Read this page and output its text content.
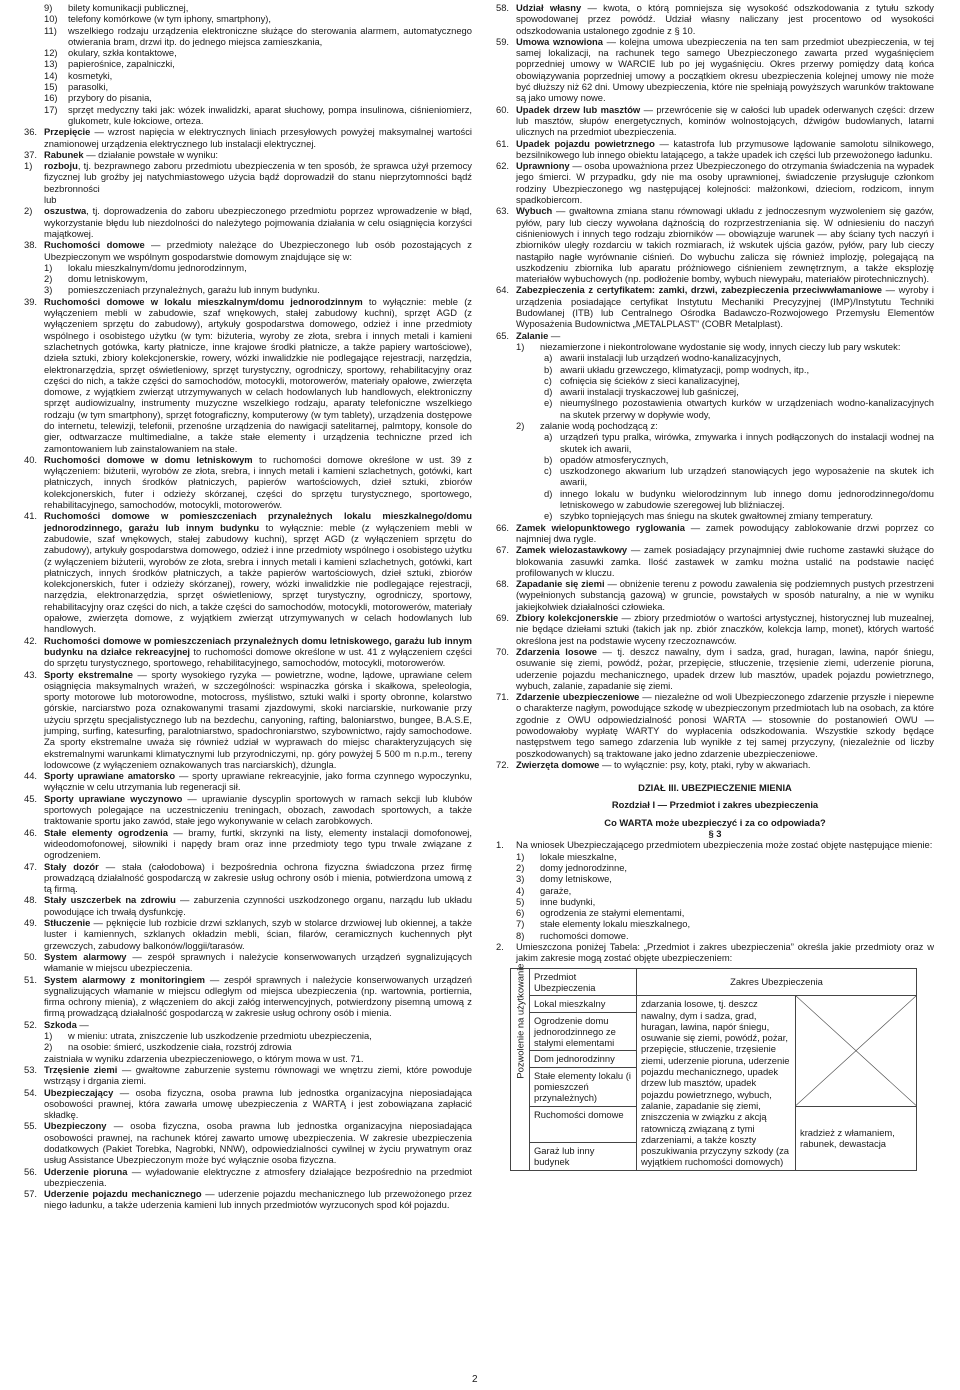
9) bilety komunikacji publicznej,

10) telefony komórkowe (w tym iphony, smartphony),

11) wszelkiego rodzaju urządzenia elektroniczne służące do sterowania alarmem, automatycznego otwierania bram, drzwi itp. do jednego miejsca zamieszkania,

12) okulary, szkła kontaktowe,

13) papierośnice, zapalniczki,

14) kosmetyki,

15) parasolki,

16) przybory do pisania,

17) sprzęt medyczny taki jak: wózek inwalidzki, aparat słuchowy, pompa insulinowa, ciśnieniomierz, glukometr, kule łokciowe, orteza.

36. Przepięcie — wzrost napięcia w elektrycznych liniach przesyłowych powyżej maksymalnej wartości znamionowej urządzenia elektrycznego lub instalacji elektrycznej.

37. Rabunek — działanie powstałe w wyniku:

1) rozboju, tj. bezprawnego zaboru przedmiotu ubezpieczenia w ten sposób, że sprawca użył przemocy fizycznej lub groźby jej natychmiastowego użycia bądź doprowadził do stanu nieprzytomności bądź bezbronności

lub

2) oszustwa, tj. doprowadzenia do zaboru ubezpieczonego przedmiotu poprzez wprowadzenie w błąd, wykorzystanie błędu lub niezdolności do należytego pojmowania działania w celu osiągnięcia korzyści majątkowej.

38. Ruchomości domowe — przedmioty należące do Ubezpieczonego lub osób pozostających z Ubezpieczonym we wspólnym gospodarstwie domowym znajdujące się w:

1) lokalu mieszkalnym/domu jednorodzinnym,

2) domu letniskowym,

3) pomieszczeniach przynależnych, garażu lub innym budynku.

39. Ruchomości domowe w lokalu mieszkalnym/domu jednorodzinnym to wyłącznie: meble (z wyłączeniem mebli w zabudowie, szaf wnękowych, stałej zabudowy kuchni), sprzęt AGD (z wyłączeniem sprzętu do zabudowy), artykuły gospodarstwa domowego, odzież i inne przedmioty wspólnego i osobistego użytku (w tym: biżuteria, wyroby ze złota, srebra i innych metali i kamieni szlachetnych gotówka, karty płatnicze, inne krajowe środki płatnicze, a także papiery wartościowe), dzieła sztuki, zbiory kolekcjonerskie, rowery, wózki inwalidzkie nie podlegające rejestracji, narzędzia, elektronarzędzia, sprzęt oświetleniowy, sprzęt turystyczny, ogrodniczy, sportowy, rehabilitacyjny oraz części do nich, a także części do samochodów, motocykli, motorowerów, materiały opałowe, zwierzęta domowe, z wyjątkiem zwierząt utrzymywanych w celach hodowlanych lub handlowych, elektroniczny sprzęt audiowizualny, instrumenty muzyczne wszelkiego rodzaju, aparaty telefoniczne wszelkiego rodzaju (w tym smartphony), sprzęt fotograficzny, komputerowy (w tym tablety), urządzenia dostępowe do internetu, telewizji, telefonii, przenośne urządzenia do nawigacji satelitarnej, palmtopy, konsole do gier, odtwarzacze multimedialne, a także stałe elementy i urządzenia techniczne przed ich zamontowaniem lub zainstalowaniem na stałe.

40. Ruchomości domowe w domu letniskowym to ruchomości domowe określone w ust. 39 z wyłączeniem: biżuterii, wyrobów ze złota, srebra, i innych metali i kamieni szlachetnych, gotówki, kart płatniczych, innych środków płatniczych, papierów wartościowych, dzieł sztuki, zbiorów kolekcjonerskich, futer i odzieży skórzanej, części do sprzętu turystycznego, sportowego, rehabilitacyjnego, samochodów, motocykli, motorowerów.

41. Ruchomości domowe w pomieszczeniach przynależnych lokalu mieszkalnego/domu jednorodzinnego, garażu lub innym budynku to wyłącznie: meble (z wyłączeniem mebli w zabudowie, szaf wnękowych, stałej zabudowy kuchni), sprzęt AGD (z wyłączeniem sprzętu do zabudowy), artykuły gospodarstwa domowego, odzież i inne przedmioty wspólnego i osobistego użytku (z wyłączeniem biżuterii, wyrobów ze złota, srebra i innych metali i kamieni szlachetnych, gotówki, kart płatniczych, innych środków płatniczych, a także papierów wartościowych, dzieł sztuki, zbiorów kolekcjonerskich, futer i odzieży skórzanej), rowery, wózki inwalidzkie nie podlegające rejestracji, narzędzia, elektronarzędzia, sprzęt oświetleniowy, sprzęt turystyczny, ogrodniczy, sportowy, rehabilitacyjny oraz części do nich, a także części do samochodów, motocykli, motorowerów, materiały opałowe, zwierzęta domowe, z wyjątkiem zwierząt utrzymywanych w celach hodowlanych lub handlowych.

42. Ruchomości domowe w pomieszczeniach przynależnych domu letniskowego, garażu lub innym budynku na działce rekreacyjnej to ruchomości domowe określone w ust. 41 z wyłączeniem części do sprzętu turystycznego, sportowego, rehabilitacyjnego, samochodów, motocykli, motorowerów.

43. Sporty ekstremalne — sporty wysokiego ryzyka — powietrzne, wodne, lądowe, uprawiane celem osiągnięcia maksymalnych wrażeń, w szczególności: wspinaczka górska i skałkowa, speleologia, sporty motorowe lub motorowodne, motocross, myślistwo, sztuki walki i sporty obronne, kolarstwo górskie, narciarstwo poza oznakowanymi trasami zjazdowymi, skoki narciarskie, nurkowanie przy użyciu sprzętu specjalistycznego lub na bezdechu, canyoning, rafting, baloniarstwo, bungee, B.A.S.E, jumping, surfing, katesurfing, paralotniarstwo, spadochroniarstwo, szybownictwo, rajdy samochodowe. Za sporty ekstremalne uważa się również udział w wyprawach do miejsc charakteryzujących się ekstremalnymi warunkami klimatycznymi lub przyrodniczymi, np. góry powyżej 5 500 m n.p.m., tereny lodowcowe (z wyłączeniem oznakowanych tras narciarskich), dżungla.

44. Sporty uprawiane amatorsko — sporty uprawiane rekreacyjnie, jako forma czynnego wypoczynku, wyłącznie w celu utrzymania lub regeneracji sił.

45. Sporty uprawiane wyczynowo — uprawianie dyscyplin sportowych w ramach sekcji lub klubów sportowych polegające na uczestniczeniu treningach, obozach, zawodach sportowych, a także traktowanie sportu jako zawód, stałe jego wykonywanie w celach zarobkowych.

46. Stałe elementy ogrodzenia — bramy, furtki, skrzynki na listy, elementy instalacji domofonowej, wideodomofonowej, siłowniki i napędy bram oraz inne przedmioty tego typu trwale związane z ogrodzeniem.

47. Stały dozór — stała (całodobowa) i bezpośrednia ochrona fizyczna świadczona przez firmę prowadzącą działalność gospodarczą w zakresie usług ochrony osób i mienia, potwierdzona umową z tą firmą.

48. Stały uszczerbek na zdrowiu — zaburzenia czynności uszkodzonego organu, narządu lub układu powodujące ich trwałą dysfunkcję.

49. Stłuczenie — pęknięcie lub rozbicie drzwi szklanych, szyb w stolarce drzwiowej lub okiennej, a także luster i kamiennych, szklanych okładzin mebli, ścian, filarów, ceramicznych kuchennych płyt grzewczych, zabudowy balkonów/loggii/tarasów.

50. System alarmowy — zespół sprawnych i należycie konserwowanych urządzeń sygnalizujących włamanie w miejscu ubezpieczenia.

51. System alarmowy z monitoringiem — zespół sprawnych i należycie konserwowanych urządzeń sygnalizujących włamanie w miejscu odległym od miejsca ubezpieczenia (np. wartownia, portiernia, firma ochrony mienia), z włączeniem do akcji załóg interwencyjnych, potwierdzony pisemną umową z firmą prowadzącą działalność gospodarczą w zakresie usług ochrony osób i mienia.

52. Szkoda —

1) w mieniu: utrata, zniszczenie lub uszkodzenie przedmiotu ubezpieczenia,

2) na osobie: śmierć, uszkodzenie ciała, rozstrój zdrowia

zaistniała w wyniku zdarzenia ubezpieczeniowego, o którym mowa w ust. 71.

53. Trzęsienie ziemi — gwałtowne zaburzenie systemu równowagi we wnętrzu ziemi, które powoduje wstrząsy i drgania ziemi.

54. Ubezpieczający — osoba fizyczna, osoba prawna lub jednostka organizacyjna nieposiadająca osobowości prawnej, która zawarła umowę ubezpieczenia z WARTĄ i jest zobowiązana zapłacić składkę.

55. Ubezpieczony — osoba fizyczna, osoba prawna lub jednostka organizacyjna nieposiadająca osobowości prawnej, na rachunek której zawarto umowę ubezpieczenia. W zakresie ubezpieczenia dodatkowych (Pakiet Torebka, Nagrobki, NNW), odpowiedzialności cywilnej w życiu prywatnym oraz usług Assistance Ubezpieczonym może być wyłącznie osoba fizyczna.

56. Uderzenie pioruna — wyładowanie elektryczne z atmosfery działające bezpośrednio na przedmiot ubezpieczenia.

57. Uderzenie pojazdu mechanicznego — uderzenie pojazdu mechanicznego lub przewożonego przez niego ładunku, a także uderzenia kamieni lub innych przedmiotów wyrzuconych spod kół pojazdu.

58. Udział własny — kwota, o którą pomniejsza się wysokość odszkodowania z tytułu szkody spowodowanej przez powódź. Udział własny naliczany jest procentowo od wysokości odszkodowania ustalonego zgodnie z § 10.

59. Umowa wznowiona — kolejna umowa ubezpieczenia na ten sam przedmiot ubezpieczenia, w tej samej lokalizacji, na rachunek tego samego Ubezpieczonego zawarta przed wygaśnięciem poprzedniej umowy w WARCIE lub po jej wygaśnięciu. Okres przerwy pomiędzy datą końca obowiązywania poprzedniej umowy a początkiem okresu ubezpieczenia kolejnej umowy nie może być dłuższy niż 62 dni. Umowy ubezpieczenia, które nie spełniają powyższych warunków traktowane są jako umowy nowe.

60. Upadek drzew lub masztów — przewrócenie się w całości lub upadek oderwanych części: drzew lub masztów, słupów energetycznych, kominów wolnostojących, dźwigów budowlanych, latarni ulicznych na przedmiot ubezpieczenia.

61. Upadek pojazdu powietrznego — katastrofa lub przymusowe lądowanie samolotu silnikowego, bezsilnikowego lub innego obiektu latającego, a także upadek ich części lub przewożonego ładunku.

62. Uprawniony — osoba upoważniona przez Ubezpieczonego do otrzymania świadczenia na wypadek jego śmierci. W przypadku, gdy nie ma osoby uprawnionej, świadczenie przysługuje członkom rodziny Ubezpieczonego wg następującej kolejności: małżonkowi, dzieciom, rodzicom, innym spadkobiercom.

63. Wybuch — gwałtowna zmiana stanu równowagi układu z jednoczesnym wyzwoleniem się gazów, pyłów, pary lub cieczy wywołana dążnością do rozprzestrzeniania się. W odniesieniu do naczyń ciśnieniowych i innych tego rodzaju zbiorników — obowiązuje warunek — aby ściany tych naczyń i zbiorników uległy rozdarciu w takich rozmiarach, iż wskutek ujścia gazów, pyłów, pary lub cieczy nastąpiło nagłe wyrównanie ciśnień. Do wybuchu zalicza się również implozję, polegającą na uszkodzeniu zbiornika lub aparatu próżniowego ciśnieniem zewnętrznym, a także eksplozję materiałów wybuchowych (np. podłożenie bomby, wybuch niewypału, materiałów pirotechnicznych).

64. Zabezpieczenia z certyfikatem: zamki, drzwi, zabezpieczenia przeciwwłamaniowe — wyroby i urządzenia posiadające certyfikat Instytutu Mechaniki Precyzyjnej (IMP)/Instytutu Techniki Budowlanej (ITB) lub Centralnego Ośrodka Badawczo-Rozwojowego Przemysłu Elementów Wyposażenia Budownictwa „METALPLAST” (COBR Metalplast).

65. Zalanie —

1) niezamierzone i niekontrolowane wydostanie się wody, innych cieczy lub pary wskutek:

a) awarii instalacji lub urządzeń wodno-kanalizacyjnych,

b) awarii układu grzewczego, klimatyzacji, pomp wodnych, itp.,

c) cofnięcia się ścieków z sieci kanalizacyjnej,

d) awarii instalacji tryskaczowej lub gaśniczej,

e) nieumyślnego pozostawienia otwartych kurków w urządzeniach wodno-kanalizacyjnych na skutek przerwy w dopływie wody,

2) zalanie wodą pochodzącą z:

a) urządzeń typu pralka, wirówka, zmywarka i innych podłączonych do instalacji wodnej na skutek ich awarii,

b) opadów atmosferycznych,

c) uszkodzonego akwarium lub urządzeń stanowiących jego wyposażenie na skutek ich awarii,

d) innego lokalu w budynku wielorodzinnym lub innego domu jednorodzinnego/domu letniskowego w zabudowie szeregowej lub bliźniaczej.

e) szybko topniejących mas śniegu na skutek gwałtownej zmiany temperatury.

66. Zamek wielopunktowego ryglowania — zamek powodujący zablokowanie drzwi poprzez co najmniej dwa rygle.

67. Zamek wielozastawkowy — zamek posiadający przynajmniej dwie ruchome zastawki służące do blokowania zasuwki zamka. Ilość zastawek w zamku można ustalić na podstawie nacięć profilowanych w kluczu.

68. Zapadanie się ziemi — obniżenie terenu z powodu zawalenia się podziemnych pustych przestrzeni (wypełnionych substancją gazową) w gruncie, powstałych w sposób naturalny, a nie w wyniku jakiejkolwiek działalności człowieka.

69. Zbiory kolekcjonerskie — zbiory przedmiotów o wartości artystycznej, historycznej lub muzealnej, nie będące dziełami sztuki (takich jak np. zbiór znaczków, kolekcja lamp, monet), których wartość określona jest na podstawie wyceny rzeczoznawców.

70. Zdarzenia losowe — tj. deszcz nawalny, dym i sadza, grad, huragan, lawina, napór śniegu, osuwanie się ziemi, powódź, pożar, przepięcie, stłuczenie, trzęsienie ziemi, uderzenie pioruna, uderzenie pojazdu mechanicznego, upadek drzew lub masztów, upadek pojazdu powietrznego, wybuch, zalanie, zapadanie się ziemi.

71. Zdarzenie ubezpieczeniowe — niezależne od woli Ubezpieczonego zdarzenie przyszłe i niepewne o charakterze nagłym, powodujące szkodę w ubezpieczonym przedmiotach lub na osobach, za które zgodnie z OWU odpowiedzialność ponosi WARTA — stosownie do postanowień OWU — powodowałoby wypłatę WARTY do wypłacenia odszkodowania. Wszystkie szkody będące następstwem tego samego zdarzenia lub wynikłe z tej samej przyczyny, (niezależnie od liczby poszkodowanych) są traktowane jako jedno zdarzenie ubezpieczeniowe.

72. Zwierzęta domowe — to wyłącznie: psy, koty, ptaki, ryby w akwariach.

DZIAŁ III. UBEZPIECZENIE MIENIA

Rozdział I — Przedmiot i zakres ubezpieczenia

Co WARTA może ubezpieczyć i za co odpowiada?

§ 3

1. Na wniosek Ubezpieczającego przedmiotem ubezpieczenia może zostać objęte następujące mienie:

1) lokale mieszkalne,

2) domy jednorodzinne,

3) domy letniskowe,

4) garaże,

5) inne budynki,

6) ogrodzenia ze stałymi elementami,

7) stałe elementy lokalu mieszkalnego,

8) ruchomości domowe.

2. Umieszczona poniżej Tabela: „Przedmiot i zakres ubezpieczenia” określa jakie przedmioty oraz w jakim zakresie mogą zostać objęte ubezpieczeniem:

Pozwolenie na użytkowanie	Przedmiot Ubezpieczenia	Zakres Ubezpieczenia	
	Lokal mieszkalny	zdarzania losowe, tj. deszcz nawalny, dym i sadza, grad, huragan, lawina, napór śniegu, osuwanie się ziemi, powódź, pożar, przepięcie, stłuczenie, trzęsienie ziemi, uderzenie pioruna, uderzenie pojazdu mechanicznego, upadek drzew lub masztów, upadek pojazdu powietrznego, wybuch, zalanie, zapadanie się ziemi, zniszczenia w związku z akcją ratowniczą związaną z tymi zdarzeniami, a także koszty poszukiwania przyczyny szkody (za wyjątkiem ruchomości domowych)	

	Ogrodzenie domu jednorodzinnego ze stałymi elementami		
	Dom jednorodzinny		
	Stałe elementy lokalu (i pomieszczeń przynależnych)		
	Ruchomości domowe		kradzież z włamaniem, rabunek, dewastacja
	Garaż lub inny budynek		
2
